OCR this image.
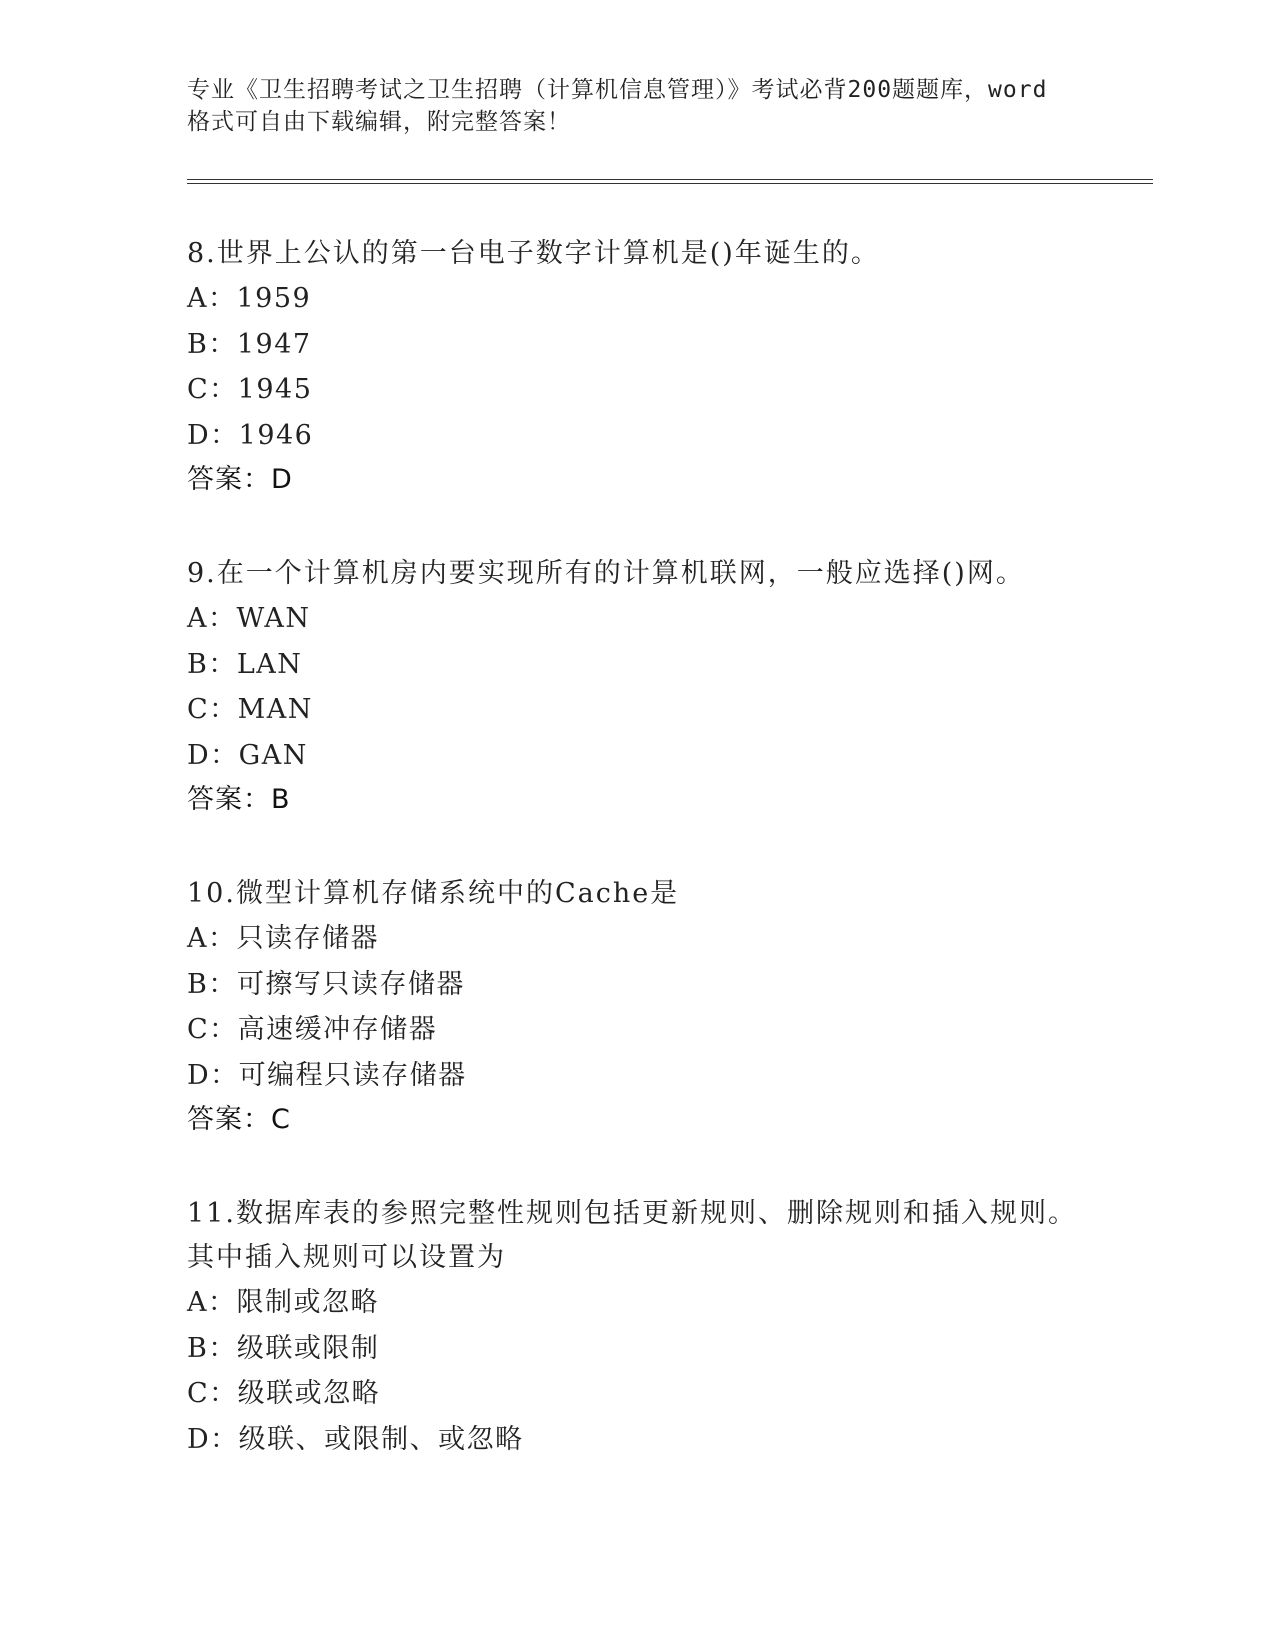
专业《卫生招聘考试之卫生招聘（计算机信息管理）》考试必背200题题库，word
格式可自由下载编辑，附完整答案！
8.世界上公认的第一台电子数字计算机是()年诞生的。
A：1959
B：1947
C：1945
D：1946
答案：D
9.在一个计算机房内要实现所有的计算机联网，一般应选择()网。
A：WAN
B：LAN
C：MAN
D：GAN
答案：B
10.微型计算机存储系统中的Cache是
A：只读存储器
B：可擦写只读存储器
C：高速缓冲存储器
D：可编程只读存储器
答案：C
11.数据库表的参照完整性规则包括更新规则、删除规则和插入规则。
其中插入规则可以设置为
A：限制或忽略
B：级联或限制
C：级联或忽略
D：级联、或限制、或忽略
